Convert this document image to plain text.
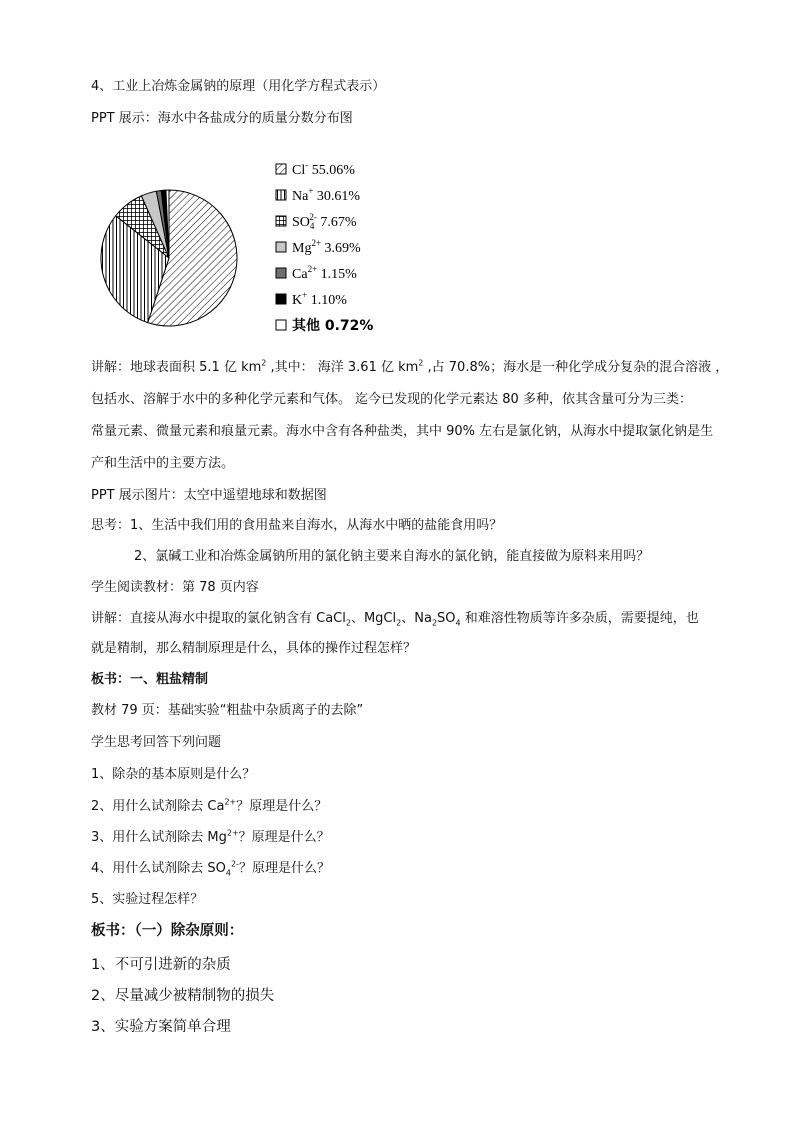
4、工业上冶炼金属钠的原理（用化学方程式表示）
PPT 展示：海水中各盐成分的质量分数分布图
Cl- 55.06%
Na+ 30.61%
$SO_42-$ 7.67%
$Mg^{2+}$ 3.69%
$Ca^{2+}$ 1.15%
K+ 1.10%
其他 0.72%
讲解：地球表面积 5.1 亿 $km^2$ ,其中： 海洋 3.61 亿 $km^2$ ,占 70.8%；海水是一种化学成分复杂的混合溶液 ，
包括水、溶解于水中的多种化学元素和气体。 迄今已发现的化学元素达 80 多种，依其含量可分为三类：
常量元素、微量元素和痕量元素。海水中含有各种盐类，其中 90% 左右是氯化钠，从海水中提取氯化钠是生
产和生活中的主要方法。
PPT 展示图片：太空中遥望地球和数据图
思考：1、生活中我们用的食用盐来自海水，从海水中晒的盐能食用吗？
2、氯碱工业和冶炼金属钠所用的氯化钠主要来自海水的氯化钠，能直接做为原料来用吗？
学生阅读教材：第 78 页内容
讲解：直接从海水中提取的氯化钠含有 CaCl$_2$、MgCl$_2$、$Na_2SO_4$ 和难溶性物质等许多杂质，需要提纯，也
就是精制，那么精制原理是什么，具体的操作过程怎样？
板书：一、粗盐精制
教材 79 页：基础实验“粗盐中杂质离子的去除”
学生思考回答下列问题
1、除杂的基本原则是什么？
2、用什么试剂除去 $Ca^{2+}$？原理是什么？
3、用什么试剂除去 $Mg^{2+}$？原理是什么？
4、用什么试剂除去 $SO_4^{2-}$？原理是什么？
5、实验过程怎样？
板书：（一）除杂原则：
1、不可引进新的杂质
2、尽量减少被精制物的损失
3、实验方案简单合理
